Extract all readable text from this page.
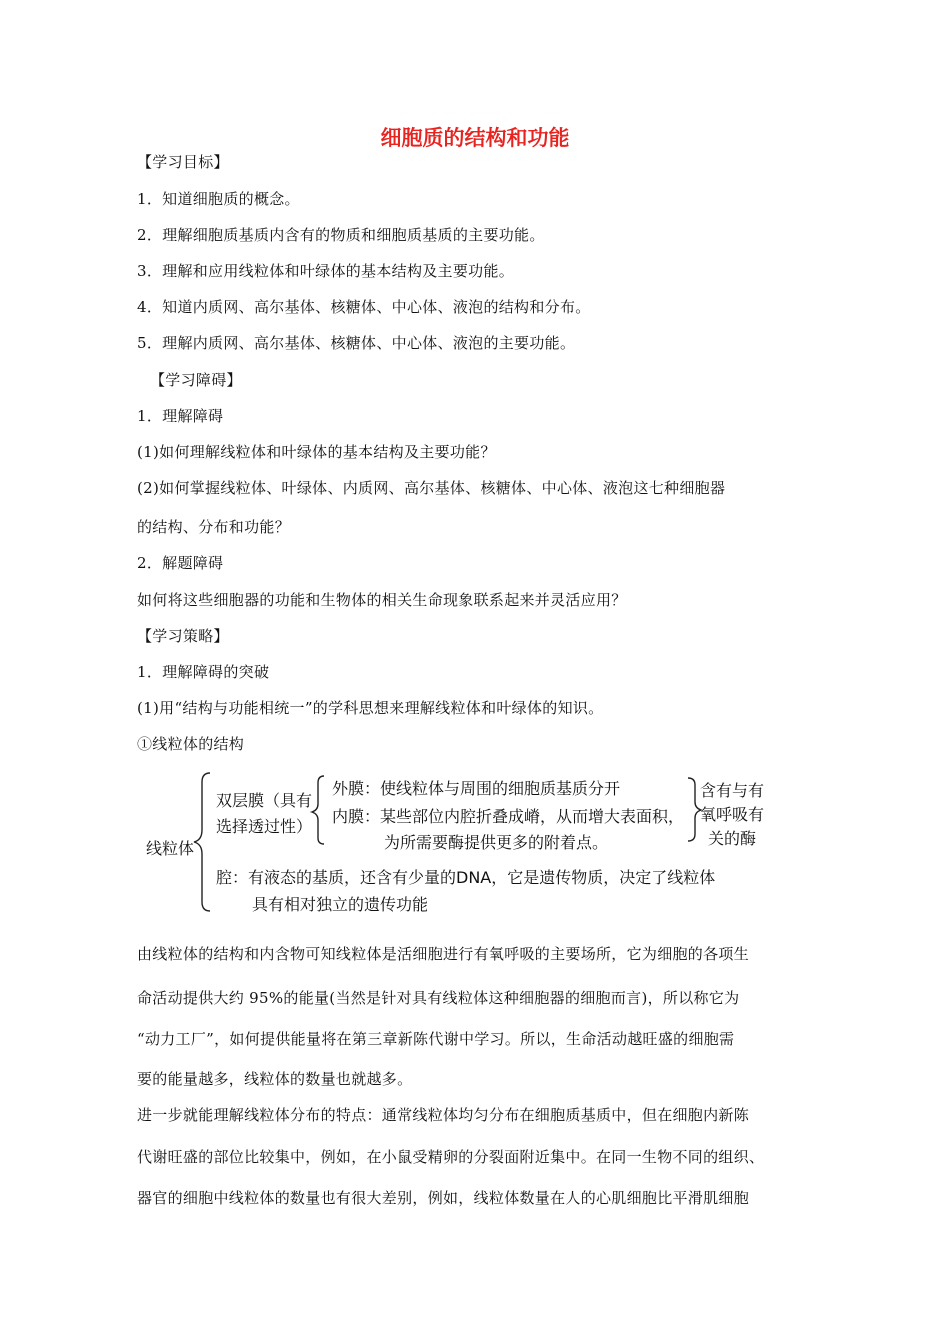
细胞质的结构和功能
【学习目标】
1．知道细胞质的概念。
2．理解细胞质基质内含有的物质和细胞质基质的主要功能。
3．理解和应用线粒体和叶绿体的基本结构及主要功能。
4．知道内质网、高尔基体、核糖体、中心体、液泡的结构和分布。
5．理解内质网、高尔基体、核糖体、中心体、液泡的主要功能。
【学习障碍】
1．理解障碍
(1)如何理解线粒体和叶绿体的基本结构及主要功能？
(2)如何掌握线粒体、叶绿体、内质网、高尔基体、核糖体、中心体、液泡这七种细胞器
的结构、分布和功能？
2．解题障碍
如何将这些细胞器的功能和生物体的相关生命现象联系起来并灵活应用？
【学习策略】
1．理解障碍的突破
(1)用“结构与功能相统一”的学科思想来理解线粒体和叶绿体的知识。
①线粒体的结构
线粒体
双层膜（具有
选择透过性）
外膜：使线粒体与周围的细胞质基质分开
内膜：某些部位内腔折叠成嵴，从而增大表面积，
为所需要酶提供更多的附着点。
含有与有
氧呼吸有
关的酶
腔：有液态的基质，还含有少量的DNA，它是遗传物质，决定了线粒体
具有相对独立的遗传功能
由线粒体的结构和内含物可知线粒体是活细胞进行有氧呼吸的主要场所，它为细胞的各项生
命活动提供大约 95%的能量(当然是针对具有线粒体这种细胞器的细胞而言)，所以称它为
“动力工厂”，如何提供能量将在第三章新陈代谢中学习。所以，生命活动越旺盛的细胞需
要的能量越多，线粒体的数量也就越多。
进一步就能理解线粒体分布的特点：通常线粒体均匀分布在细胞质基质中，但在细胞内新陈
代谢旺盛的部位比较集中，例如，在小鼠受精卵的分裂面附近集中。在同一生物不同的组织、
器官的细胞中线粒体的数量也有很大差别，例如，线粒体数量在人的心肌细胞比平滑肌细胞
